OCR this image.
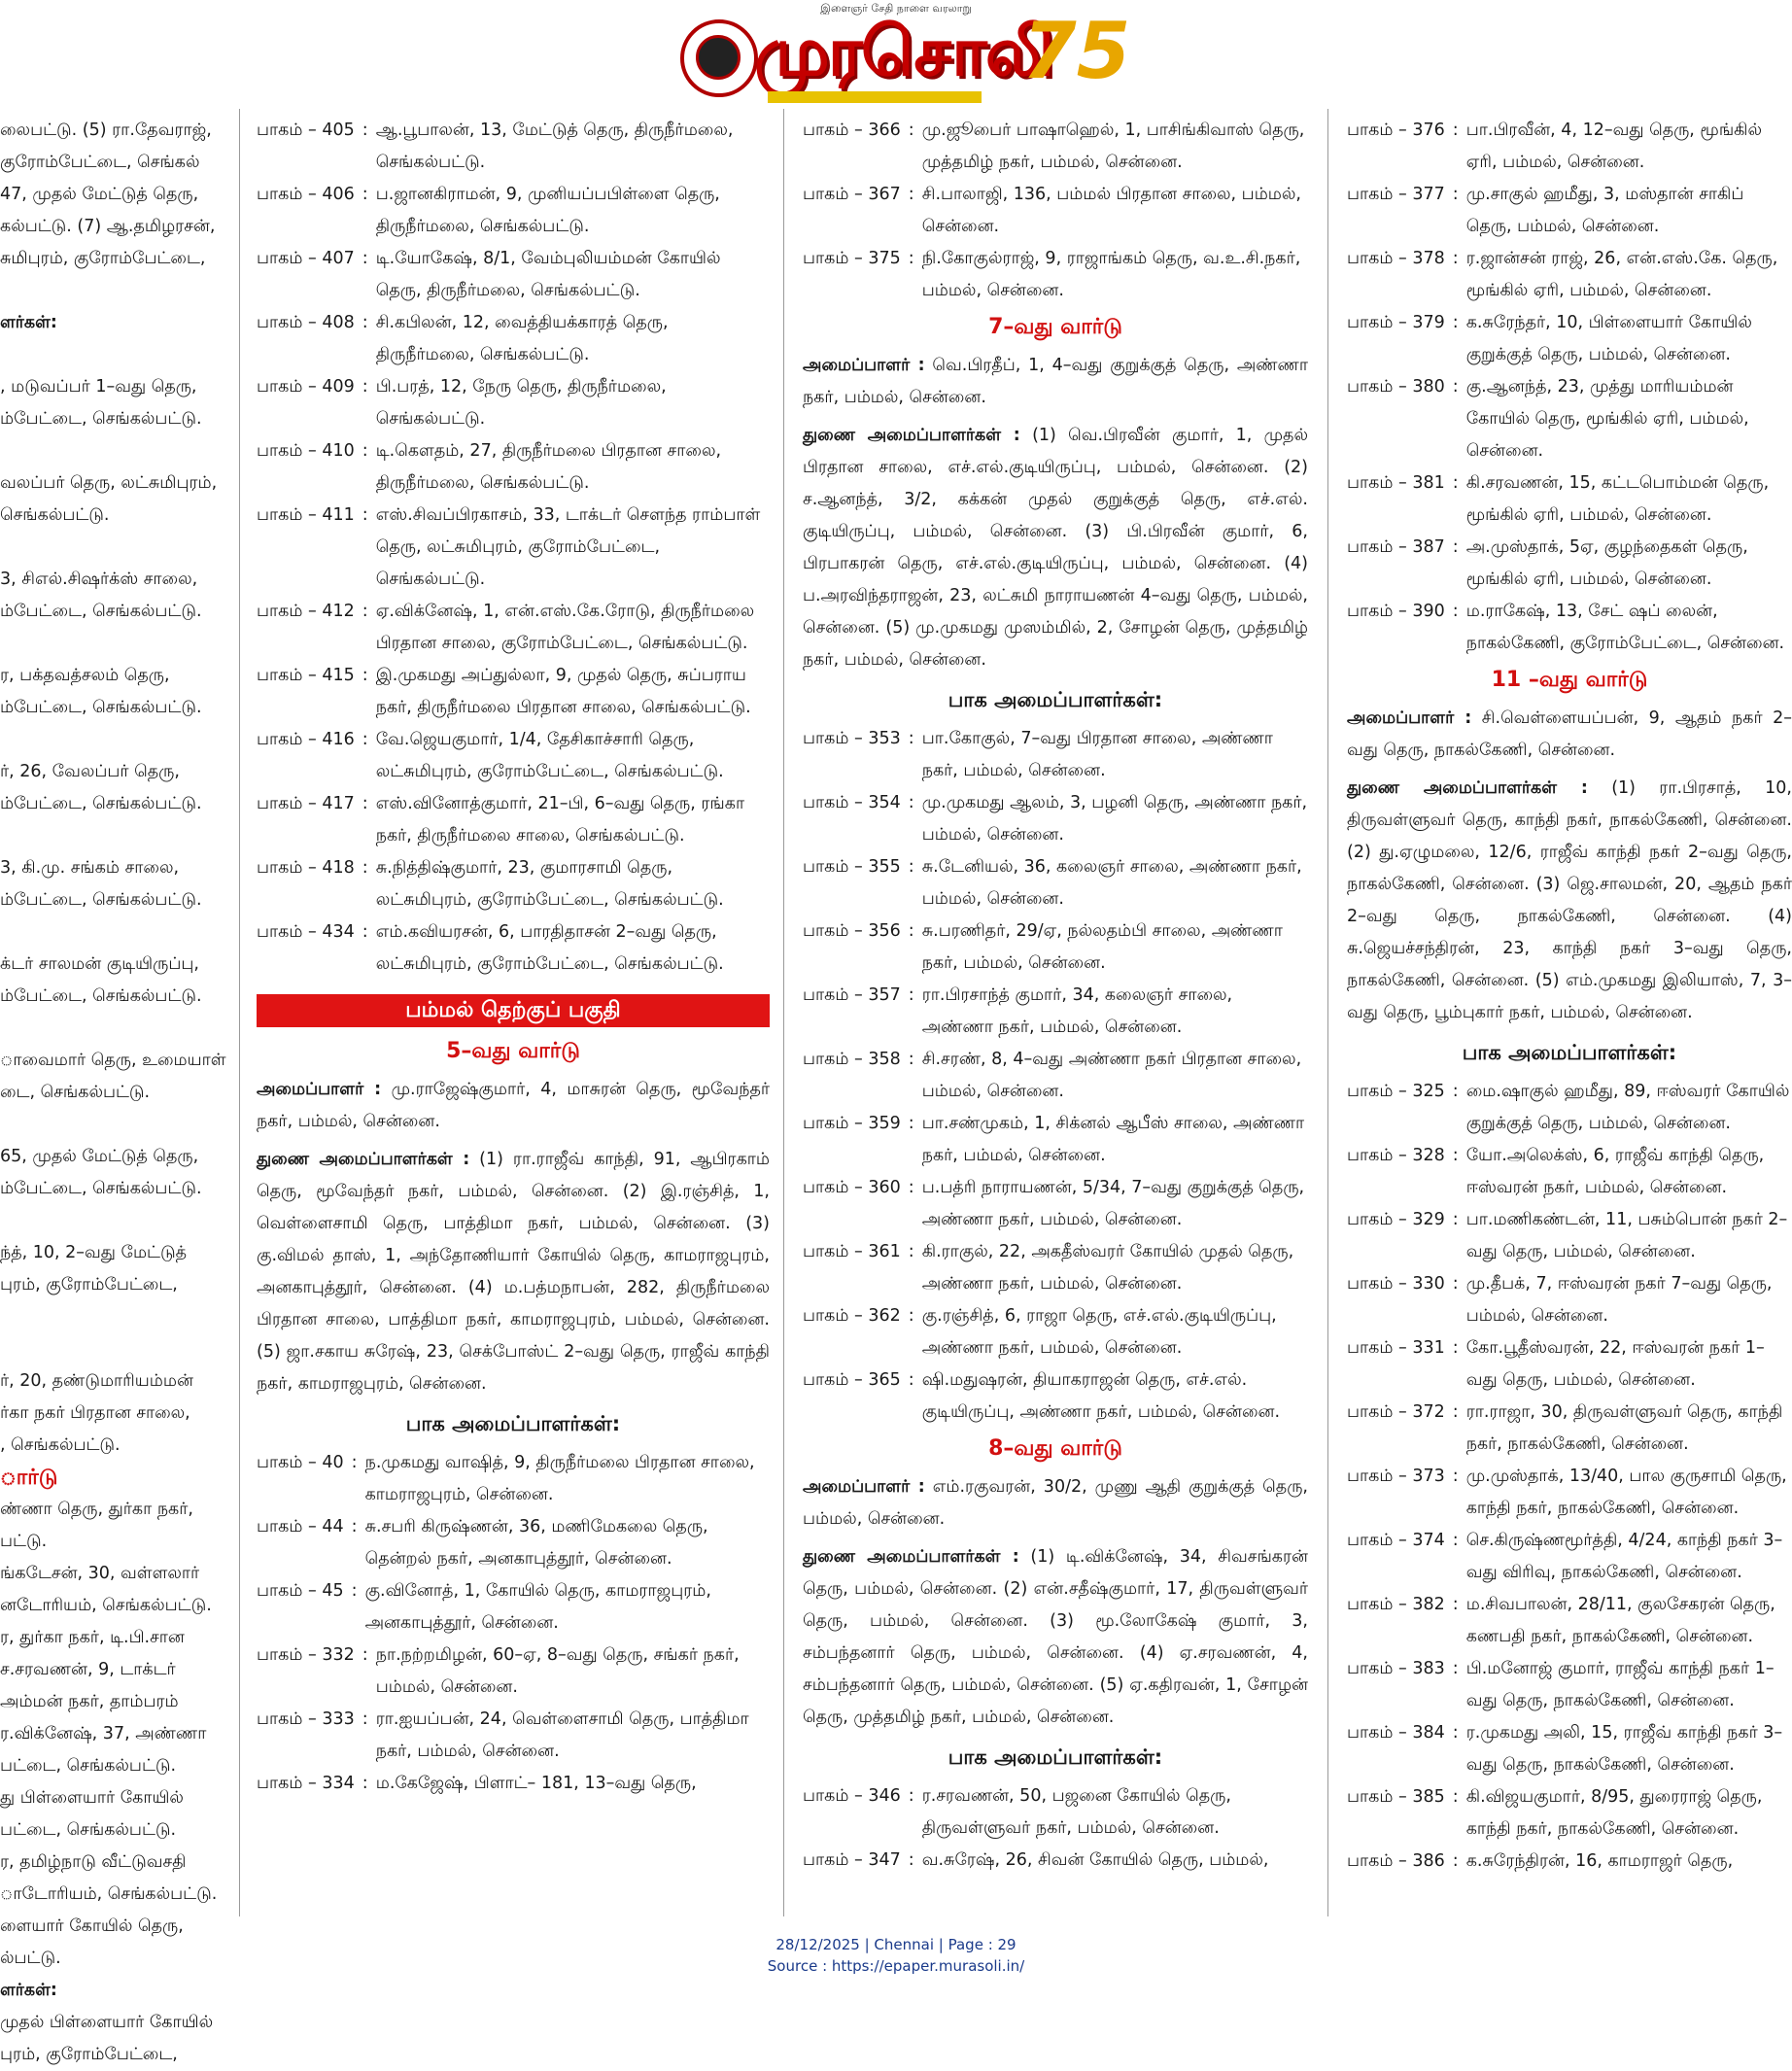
இளைஞர் சேதி நாளை வரலாறு
முரசொலி
75
லைபட்டு. (5) ரா.தேவராஜ்,
குரோம்பேட்டை, செங்கல்
47, முதல் மேட்டுத் தெரு,
கல்பட்டு. (7) ஆ.தமிழரசன்,
சுமிபுரம், குரோம்பேட்டை,

ளர்கள்:

, மடுவப்பர் 1–வது தெரு,
ம்பேட்டை, செங்கல்பட்டு.

வலப்பர் தெரு, லட்சுமிபுரம்,
செங்கல்பட்டு.

3, சிஎல்.சிஷர்க்ஸ் சாலை,
ம்பேட்டை, செங்கல்பட்டு.

ர, பக்தவத்சலம் தெரு,
ம்பேட்டை, செங்கல்பட்டு.

ர், 26, வேலப்பர் தெரு,
ம்பேட்டை, செங்கல்பட்டு.

3, கி.மு. சங்கம் சாலை,
ம்பேட்டை, செங்கல்பட்டு.

க்டர் சாலமன் குடியிருப்பு,
ம்பேட்டை, செங்கல்பட்டு.

ாவைமார் தெரு, உமையாள்
டை, செங்கல்பட்டு.

65, முதல் மேட்டுத் தெரு,
ம்பேட்டை, செங்கல்பட்டு.

ந்த், 10, 2–வது மேட்டுத்
புரம், குரோம்பேட்டை,

ர், 20, தண்டுமாரியம்மன்
ர்கா நகர் பிரதான சாலை,
, செங்கல்பட்டு.
ார்டு
ண்ணா தெரு, துர்கா நகர்,
பட்டு.
ங்கடேசன், 30, வள்ளலார்
னடோரியம், செங்கல்பட்டு.
ர, துர்கா நகர், டி.பி.சான
ச.சரவணன், 9, டாக்டர்
அம்மன் நகர், தாம்பரம்
ர.விக்னேஷ், 37, அண்ணா
பட்டை, செங்கல்பட்டு.
து பிள்ளையார் கோயில்
பட்டை, செங்கல்பட்டு.
ர, தமிழ்நாடு வீட்டுவசதி
ாடோரியம், செங்கல்பட்டு.
ளையார் கோயில் தெரு,
ல்பட்டு.
ளர்கள்:
முதல் பிள்ளையார் கோயில்
புரம், குரோம்பேட்டை,
பாகம் – 405 : ஆ.பூபாலன், 13, மேட்டுத் தெரு, திருநீர்மலை, செங்கல்பட்டு.
பாகம் – 406 : ப.ஜானகிராமன், 9, முனியப்பபிள்ளை தெரு, திருநீர்மலை, செங்கல்பட்டு.
பாகம் – 407 : டி.யோகேஷ், 8/1, வேம்புலியம்மன் கோயில் தெரு, திருநீர்மலை, செங்கல்பட்டு.
பாகம் – 408 : சி.கபிலன், 12, வைத்தியக்காரத் தெரு, திருநீர்மலை, செங்கல்பட்டு.
பாகம் – 409 : பி.பரத், 12, நேரு தெரு, திருநீர்மலை, செங்கல்பட்டு.
பாகம் – 410 : டி.கௌதம், 27, திருநீர்மலை பிரதான சாலை, திருநீர்மலை, செங்கல்பட்டு.
பாகம் – 411 : எஸ்.சிவப்பிரகாசம், 33, டாக்டர் சௌந்த ராம்பாள் தெரு, லட்சுமிபுரம், குரோம்பேட்டை, செங்கல்பட்டு.
பாகம் – 412 : ஏ.விக்னேஷ், 1, என்.எஸ்.கே.ரோடு, திருநீர்மலை பிரதான சாலை, குரோம்பேட்டை, செங்கல்பட்டு.
பாகம் – 415 : இ.முகமது அப்துல்லா, 9, முதல் தெரு, சுப்பராய நகர், திருநீர்மலை பிரதான சாலை, செங்கல்பட்டு.
பாகம் – 416 : வே.ஜெயகுமார், 1/4, தேசிகாச்சாரி தெரு, லட்சுமிபுரம், குரோம்பேட்டை, செங்கல்பட்டு.
பாகம் – 417 : எஸ்.வினோத்குமார், 21–பி, 6–வது தெரு, ரங்கா நகர், திருநீர்மலை சாலை, செங்கல்பட்டு.
பாகம் – 418 : சு.நித்திஷ்குமார், 23, குமாரசாமி தெரு, லட்சுமிபுரம், குரோம்பேட்டை, செங்கல்பட்டு.
பாகம் – 434 : எம்.கவியரசன், 6, பாரதிதாசன் 2–வது தெரு, லட்சுமிபுரம், குரோம்பேட்டை, செங்கல்பட்டு.
பம்மல் தெற்குப் பகுதி
5–வது வார்டு
அமைப்பாளர் : மு.ராஜேஷ்குமார், 4, மாசுரன் தெரு, மூவேந்தர் நகர், பம்மல், சென்னை.
துணை அமைப்பாளர்கள் : (1) ரா.ராஜீவ் காந்தி, 91, ஆபிரகாம் தெரு, மூவேந்தர் நகர், பம்மல், சென்னை. (2) இ.ரஞ்சித், 1, வெள்ளைசாமி தெரு, பாத்திமா நகர், பம்மல், சென்னை. (3) கு.விமல் தாஸ், 1, அந்தோணியார் கோயில் தெரு, காமராஜபுரம், அனகாபுத்தூர், சென்னை. (4) ம.பத்மநாபன், 282, திருநீர்மலை பிரதான சாலை, பாத்திமா நகர், காமராஜபுரம், பம்மல், சென்னை. (5) ஜா.சகாய சுரேஷ், 23, செக்போஸ்ட் 2–வது தெரு, ராஜீவ் காந்தி நகர், காமராஜபுரம், சென்னை.
பாக அமைப்பாளர்கள்:
பாகம் – 40 : ந.முகமது வாஷித், 9, திருநீர்மலை பிரதான சாலை, காமராஜபுரம், சென்னை.
பாகம் – 44 : சு.சபரி கிருஷ்ணன், 36, மணிமேகலை தெரு, தென்றல் நகர், அனகாபுத்தூர், சென்னை.
பாகம் – 45 : கு.வினோத், 1, கோயில் தெரு, காமராஜபுரம், அனகாபுத்தூர், சென்னை.
பாகம் – 332 : நா.நற்றமிழன், 60–ஏ, 8–வது தெரு, சங்கர் நகர், பம்மல், சென்னை.
பாகம் – 333 : ரா.ஐயப்பன், 24, வெள்ளைசாமி தெரு, பாத்திமா நகர், பம்மல், சென்னை.
பாகம் – 334 : ம.கேஜேஷ், பிளாட்– 181, 13–வது தெரு,
பாகம் – 366 : மு.ஜூபைர் பாஷாஹெல், 1, பாசிங்கிவாஸ் தெரு, முத்தமிழ் நகர், பம்மல், சென்னை.
பாகம் – 367 : சி.பாலாஜி, 136, பம்மல் பிரதான சாலை, பம்மல், சென்னை.
பாகம் – 375 : நி.கோகுல்ராஜ், 9, ராஜாங்கம் தெரு, வ.உ.சி.நகர், பம்மல், சென்னை.
7–வது வார்டு
அமைப்பாளர் : வெ.பிரதீப், 1, 4–வது குறுக்குத் தெரு, அண்ணா நகர், பம்மல், சென்னை.
துணை அமைப்பாளர்கள் : (1) வெ.பிரவீன் குமார், 1, முதல் பிரதான சாலை, எச்.எல்.குடியிருப்பு, பம்மல், சென்னை. (2) ச.ஆனந்த், 3/2, கக்கன் முதல் குறுக்குத் தெரு, எச்.எல். குடியிருப்பு, பம்மல், சென்னை. (3) பி.பிரவீன் குமார், 6, பிரபாகரன் தெரு, எச்.எல்.குடியிருப்பு, பம்மல், சென்னை. (4) ப.அரவிந்தராஜன், 23, லட்சுமி நாராயணன் 4–வது தெரு, பம்மல், சென்னை. (5) மு.முகமது முஸம்மில், 2, சோழன் தெரு, முத்தமிழ் நகர், பம்மல், சென்னை.
பாக அமைப்பாளர்கள்:
பாகம் – 353 : பா.கோகுல், 7–வது பிரதான சாலை, அண்ணா நகர், பம்மல், சென்னை.
பாகம் – 354 : மு.முகமது ஆலம், 3, பழனி தெரு, அண்ணா நகர், பம்மல், சென்னை.
பாகம் – 355 : சு.டேனியல், 36, கலைஞர் சாலை, அண்ணா நகர், பம்மல், சென்னை.
பாகம் – 356 : சு.பரணிதர், 29/ஏ, நல்லதம்பி சாலை, அண்ணா நகர், பம்மல், சென்னை.
பாகம் – 357 : ரா.பிரசாந்த் குமார், 34, கலைஞர் சாலை, அண்ணா நகர், பம்மல், சென்னை.
பாகம் – 358 : சி.சரண், 8, 4–வது அண்ணா நகர் பிரதான சாலை, பம்மல், சென்னை.
பாகம் – 359 : பா.சண்முகம், 1, சிக்னல் ஆபீஸ் சாலை, அண்ணா நகர், பம்மல், சென்னை.
பாகம் – 360 : ப.பத்ரி நாராயணன், 5/34, 7–வது குறுக்குத் தெரு, அண்ணா நகர், பம்மல், சென்னை.
பாகம் – 361 : கி.ராகுல், 22, அகதீஸ்வரர் கோயில் முதல் தெரு, அண்ணா நகர், பம்மல், சென்னை.
பாகம் – 362 : கு.ரஞ்சித், 6, ராஜா தெரு, எச்.எல்.குடியிருப்பு, அண்ணா நகர், பம்மல், சென்னை.
பாகம் – 365 : ஷி.மதுஷரன், தியாகராஜன் தெரு, எச்.எல். குடியிருப்பு, அண்ணா நகர், பம்மல், சென்னை.
8–வது வார்டு
அமைப்பாளர் : எம்.ரகுவரன், 30/2, முணு ஆதி குறுக்குத் தெரு, பம்மல், சென்னை.
துணை அமைப்பாளர்கள் : (1) டி.விக்னேஷ், 34, சிவசங்கரன் தெரு, பம்மல், சென்னை. (2) என்.சதீஷ்குமார், 17, திருவள்ளுவர் தெரு, பம்மல், சென்னை. (3) மூ.லோகேஷ் குமார், 3, சம்பந்தனார் தெரு, பம்மல், சென்னை. (4) ஏ.சரவணன், 4, சம்பந்தனார் தெரு, பம்மல், சென்னை. (5) ஏ.கதிரவன், 1, சோழன் தெரு, முத்தமிழ் நகர், பம்மல், சென்னை.
பாக அமைப்பாளர்கள்:
பாகம் – 346 : ர.சரவணன், 50, பஜனை கோயில் தெரு, திருவள்ளுவர் நகர், பம்மல், சென்னை.
பாகம் – 347 : வ.சுரேஷ், 26, சிவன் கோயில் தெரு, பம்மல்,
பாகம் – 376 : பா.பிரவீன், 4, 12–வது தெரு, மூங்கில் ஏரி, பம்மல், சென்னை.
பாகம் – 377 : மு.சாகுல் ஹமீது, 3, மஸ்தான் சாகிப் தெரு, பம்மல், சென்னை.
பாகம் – 378 : ர.ஜான்சன் ராஜ், 26, என்.எஸ்.கே. தெரு, மூங்கில் ஏரி, பம்மல், சென்னை.
பாகம் – 379 : க.சுரேந்தர், 10, பிள்ளையார் கோயில் குறுக்குத் தெரு, பம்மல், சென்னை.
பாகம் – 380 : கு.ஆனந்த், 23, முத்து மாரியம்மன் கோயில் தெரு, மூங்கில் ஏரி, பம்மல், சென்னை.
பாகம் – 381 : கி.சரவணன், 15, கட்டபொம்மன் தெரு, மூங்கில் ஏரி, பம்மல், சென்னை.
பாகம் – 387 : அ.முஸ்தாக், 5ஏ, குழந்தைகள் தெரு, மூங்கில் ஏரி, பம்மல், சென்னை.
பாகம் – 390 : ம.ராகேஷ், 13, சேட் ஷப் லைன், நாகல்கேணி, குரோம்பேட்டை, சென்னை.
11 –வது வார்டு
அமைப்பாளர் : சி.வெள்ளையப்பன், 9, ஆதம் நகர் 2–வது தெரு, நாகல்கேணி, சென்னை.
துணை அமைப்பாளர்கள் : (1) ரா.பிரசாத், 10, திருவள்ளுவர் தெரு, காந்தி நகர், நாகல்கேணி, சென்னை. (2) து.ஏழுமலை, 12/6, ராஜீவ் காந்தி நகர் 2–வது தெரு, நாகல்கேணி, சென்னை. (3) ஜெ.சாலமன், 20, ஆதம் நகர் 2–வது தெரு, நாகல்கேணி, சென்னை. (4) சு.ஜெயச்சந்திரன், 23, காந்தி நகர் 3–வது தெரு, நாகல்கேணி, சென்னை. (5) எம்.முகமது இலியாஸ், 7, 3–வது தெரு, பூம்புகார் நகர், பம்மல், சென்னை.
பாக அமைப்பாளர்கள்:
பாகம் – 325 : மை.ஷாகுல் ஹமீது, 89, ஈஸ்வரர் கோயில் குறுக்குத் தெரு, பம்மல், சென்னை.
பாகம் – 328 : யோ.அலெக்ஸ், 6, ராஜீவ் காந்தி தெரு, ஈஸ்வரன் நகர், பம்மல், சென்னை.
பாகம் – 329 : பா.மணிகண்டன், 11, பசும்பொன் நகர் 2–வது தெரு, பம்மல், சென்னை.
பாகம் – 330 : மு.தீபக், 7, ஈஸ்வரன் நகர் 7–வது தெரு, பம்மல், சென்னை.
பாகம் – 331 : கோ.பூதீஸ்வரன், 22, ஈஸ்வரன் நகர் 1–வது தெரு, பம்மல், சென்னை.
பாகம் – 372 : ரா.ராஜா, 30, திருவள்ளுவர் தெரு, காந்தி நகர், நாகல்கேணி, சென்னை.
பாகம் – 373 : மு.முஸ்தாக், 13/40, பால குருசாமி தெரு, காந்தி நகர், நாகல்கேணி, சென்னை.
பாகம் – 374 : செ.கிருஷ்ணமூர்த்தி, 4/24, காந்தி நகர் 3–வது விரிவு, நாகல்கேணி, சென்னை.
பாகம் – 382 : ம.சிவபாலன், 28/11, குலசேகரன் தெரு, கணபதி நகர், நாகல்கேணி, சென்னை.
பாகம் – 383 : பி.மனோஜ் குமார், ராஜீவ் காந்தி நகர் 1–வது தெரு, நாகல்கேணி, சென்னை.
பாகம் – 384 : ர.முகமது அலி, 15, ராஜீவ் காந்தி நகர் 3–வது தெரு, நாகல்கேணி, சென்னை.
பாகம் – 385 : கி.விஜயகுமார், 8/95, துரைராஜ் தெரு, காந்தி நகர், நாகல்கேணி, சென்னை.
பாகம் – 386 : க.சுரேந்திரன், 16, காமராஜர் தெரு,
28/12/2025 | Chennai | Page : 29
Source : https://epaper.murasoli.in/
